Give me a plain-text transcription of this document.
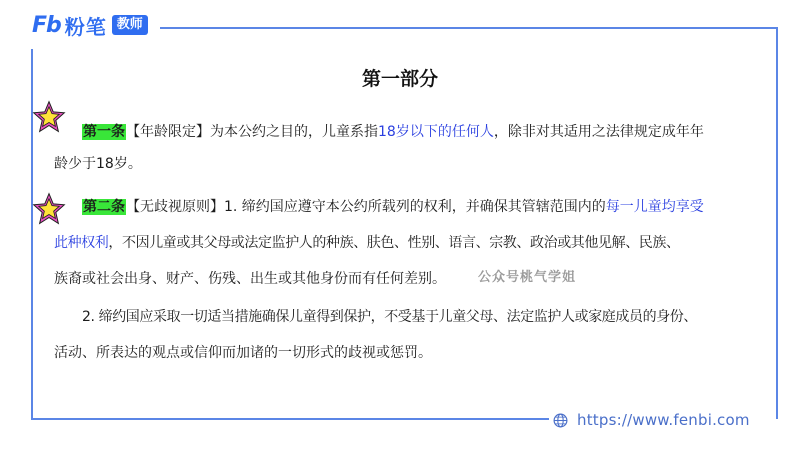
Fb 粉笔 教师
第一部分
第一条【年龄限定】为本公约之目的，儿童系指18岁以下的任何人，除非对其适用之法律规定成年年
龄少于18岁。
第二条【无歧视原则】1. 缔约国应遵守本公约所载列的权利，并确保其管辖范围内的每一儿童均享受
此种权利，不因儿童或其父母或法定监护人的种族、肤色、性别、语言、宗教、政治或其他见解、民族、
族裔或社会出身、财产、伤残、出生或其他身份而有任何差别。	公众号桃气学姐
2. 缔约国应采取一切适当措施确保儿童得到保护，不受基于儿童父母、法定监护人或家庭成员的身份、
活动、所表达的观点或信仰而加诸的一切形式的歧视或惩罚。
https://www.fenbi.com
